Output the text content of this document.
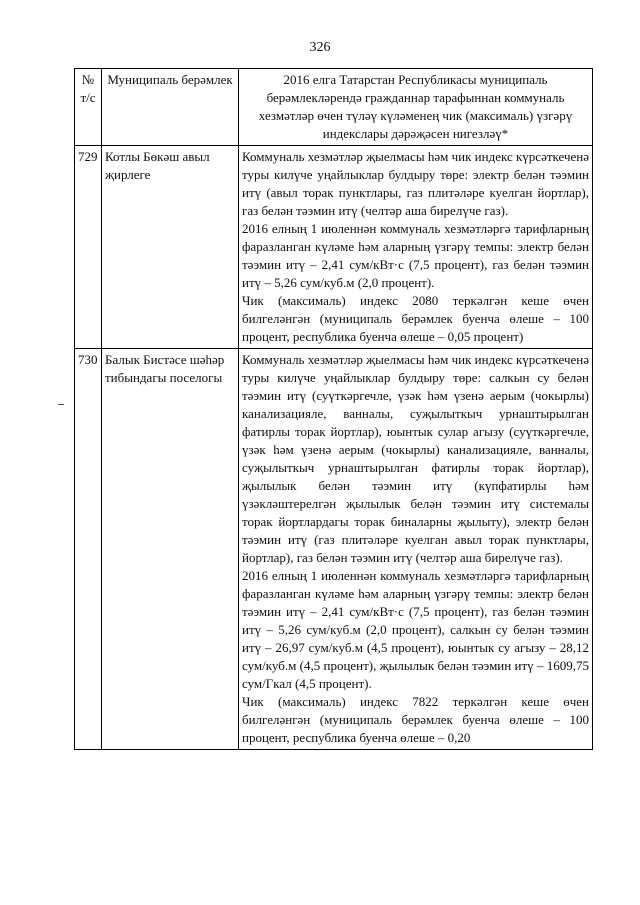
326
№ т/с	Муниципаль берәмлек	2016 елга Татарстан Республикасы муниципаль берәмлекләрендә гражданнар тарафыннан коммуналь хезмәтләр өчен түләү күләменең чик (максималь) үзгәрү индекслары дәрәҗәсен нигезләү*
729	Котлы Бөкәш авыл җирлеге	Коммуналь хезмәтләр җыелмасы һәм чик индекс күрсәткеченә туры килүче уңайлыклар булдыру төре: электр белән тәэмин итү (авыл торак пунктлары, газ плитәләре куелган йортлар), газ белән тәэмин итү (челтәр аша бирелүче газ).

2016 елның 1 июленнән коммуналь хезмәтләргә тарифларның фаразланган күләме һәм аларның үзгәрү темпы: электр белән тәэмин итү – 2,41 сум/кВт·с (7,5 процент), газ белән тәэмин итү – 5,26 сум/куб.м (2,0 процент).

Чик (максималь) индекс 2080 теркәлгән кеше өчен билгеләнгән (муниципаль берәмлек буенча өлеше – 100 процент, республика буенча өлеше – 0,05 процент)

730	Балык Бистәсе шәһәр тибындагы поселогы	Коммуналь хезмәтләр җыелмасы һәм чик индекс күрсәткеченә туры килүче уңайлыклар булдыру төре: салкын су белән тәэмин итү (суүткәргечле, үзәк һәм үзенә аерым (чокырлы) канализацияле, ванналы, суҗылыткыч урнаштырылган фатирлы торак йортлар), юынтык сулар агызу (суүткәргечле, үзәк һәм үзенә аерым (чокырлы) канализацияле, ванналы, суҗылыткыч урнаштырылган фатирлы торак йортлар), җылылык белән тәэмин итү (күпфатирлы һәм үзәкләштерелгән җылылык белән тәэмин итү системалы торак йортлардагы торак биналарны җылыту), электр белән тәэмин итү (газ плитәләре куелган авыл торак пунктлары, йортлар), газ белән тәэмин итү (челтәр аша бирелүче газ).

2016 елның 1 июленнән коммуналь хезмәтләргә тарифларның фаразланган күләме һәм аларның үзгәрү темпы: электр белән тәэмин итү – 2,41 сум/кВт·с (7,5 процент), газ белән тәэмин итү – 5,26 сум/куб.м (2,0 процент), салкын су белән тәэмин итү – 26,97 сум/куб.м (4,5 процент), юынтык су агызу – 28,12 сум/куб.м (4,5 процент), җылылык белән тәэмин итү – 1609,75 сум/Гкал (4,5 процент).

Чик (максималь) индекс 7822 теркәлгән кеше өчен билгеләнгән (муниципаль берәмлек буенча өлеше – 100 процент, республика буенча өлеше – 0,20
